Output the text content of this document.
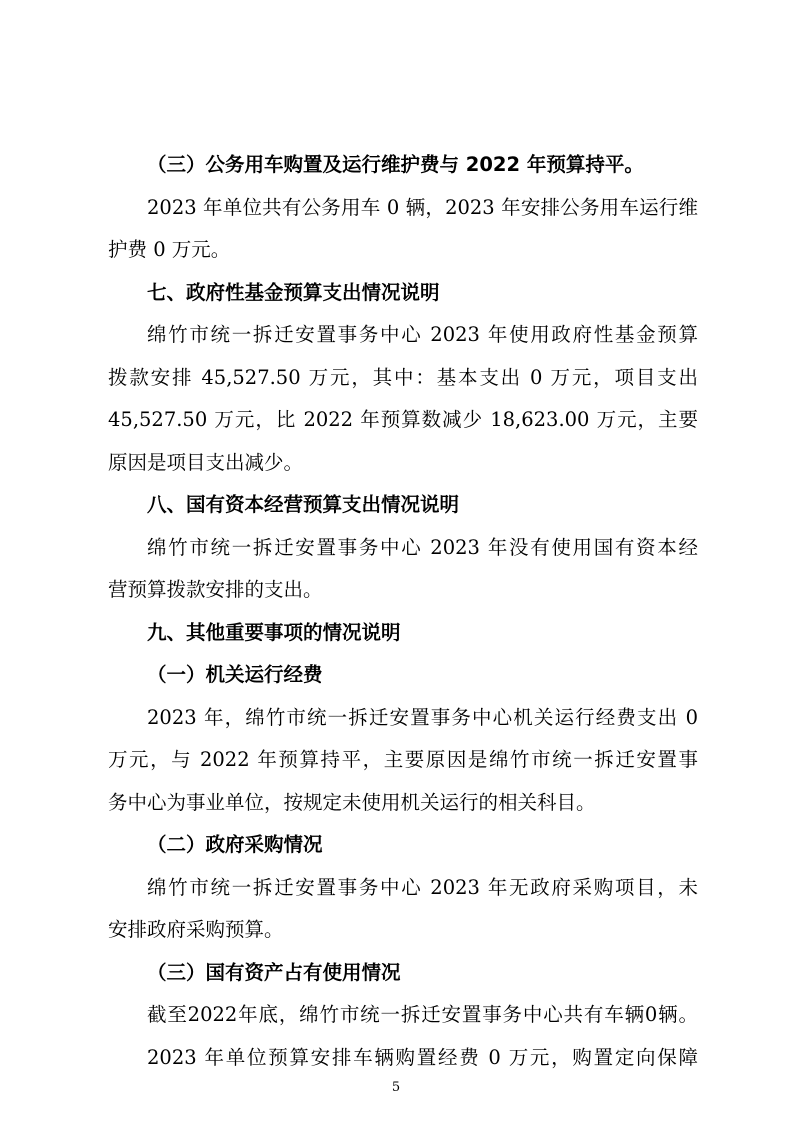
（三）公务用车购置及运行维护费与 2022 年预算持平。
2023 年单位共有公务用车 0 辆，2023 年安排公务用车运行维
护费 0 万元。
七、政府性基金预算支出情况说明
绵竹市统一拆迁安置事务中心 2023 年使用政府性基金预算
拨款安排 45,527.50 万元，其中：基本支出 0 万元，项目支出
45,527.50 万元，比 2022 年预算数减少 18,623.00 万元，主要
原因是项目支出减少。
八、国有资本经营预算支出情况说明
绵竹市统一拆迁安置事务中心 2023 年没有使用国有资本经
营预算拨款安排的支出。
九、其他重要事项的情况说明
（一）机关运行经费
2023 年，绵竹市统一拆迁安置事务中心机关运行经费支出 0
万元，与 2022 年预算持平，主要原因是绵竹市统一拆迁安置事
务中心为事业单位，按规定未使用机关运行的相关科目。
（二）政府采购情况
绵竹市统一拆迁安置事务中心 2023 年无政府采购项目，未
安排政府采购预算。
（三）国有资产占有使用情况
截至2022年底，绵竹市统一拆迁安置事务中心共有车辆0辆。
2023 年单位预算安排车辆购置经费 0 万元，购置定向保障
5
